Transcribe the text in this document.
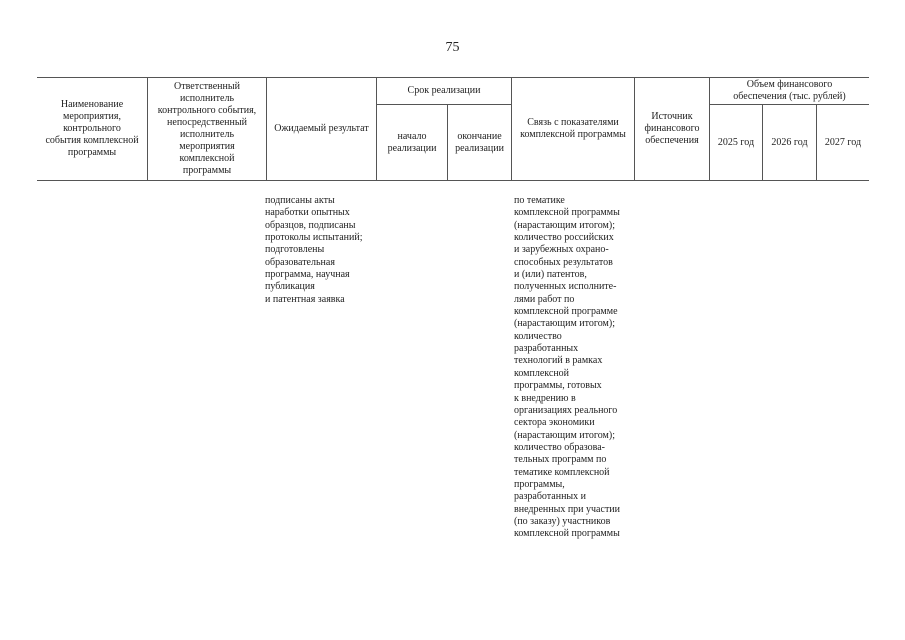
75
Наименование
мероприятия,
контрольного
события комплексной
программы
Ответственный
исполнитель
контрольного события,
непосредственный
исполнитель
мероприятия
комплексной
программы
Ожидаемый результат
Срок реализации
начало
реализации
окончание
реализации
Связь с показателями
комплексной программы
Источник
финансового
обеспечения
Объем финансового
обеспечения (тыс. рублей)
2025 год	2026 год	2027 год
подписаны акты
наработки опытных
образцов, подписаны
протоколы испытаний;
подготовлены
образовательная
программа, научная
публикация
и патентная заявка
по тематике
комплексной программы
(нарастающим итогом);
количество российских
и зарубежных охрано-
способных результатов
и (или) патентов,
полученных исполните-
лями работ по
комплексной программе
(нарастающим итогом);
количество
разработанных
технологий в рамках
комплексной
программы, готовых
к внедрению в
организациях реального
сектора экономики
(нарастающим итогом);
количество образова-
тельных программ по
тематике комплексной
программы,
разработанных и
внедренных при участии
(по заказу) участников
комплексной программы
